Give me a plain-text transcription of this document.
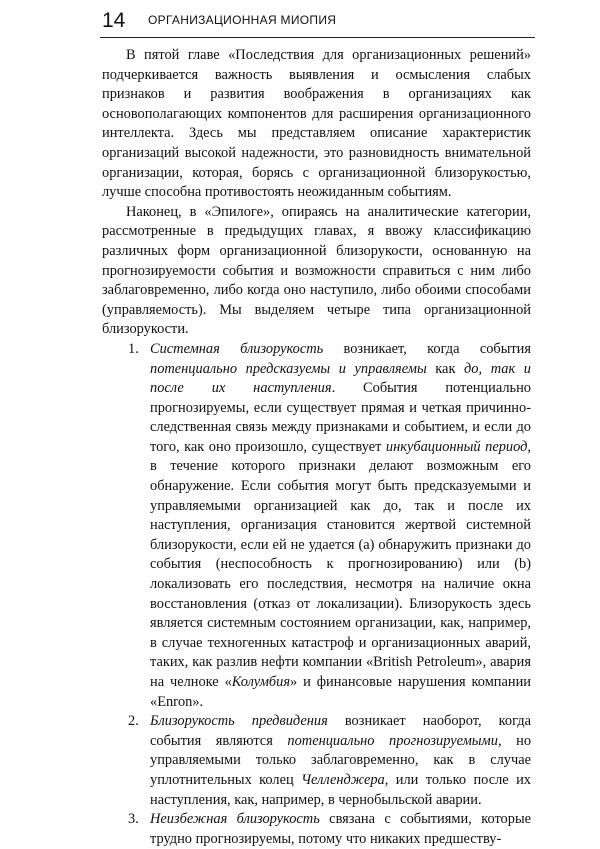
14 ОРГАНИЗАЦИОННАЯ МИОПИЯ

В пятой главе «Последствия для организационных решений» подчеркивается важность выявления и осмысления слабых признаков и развития воображения в организациях как основополагающих компонентов для расширения организационного интеллекта. Здесь мы представляем описание характеристик организаций высокой надежности, это разновидность внимательной организации, которая, борясь с организационной близорукостью, лучше способна противостоять неожиданным событиям.

Наконец, в «Эпилоге», опираясь на аналитические категории, рассмотренные в предыдущих главах, я ввожу классификацию различных форм организационной близорукости, основанную на прогнозируемости события и возможности справиться с ним либо заблаговременно, либо когда оно наступило, либо обоими способами (управляемость). Мы выделяем четыре типа организационной близорукости.

1. Системная близорукость возникает, когда события потенциально предсказуемы и управляемы как до, так и после их наступления. События потенциально прогнозируемы, если существует прямая и четкая причинно-следственная связь между признаками и событием, и если до того, как оно произошло, существует инкубационный период, в течение которого признаки делают возможным его обнаружение. Если события могут быть предсказуемыми и управляемыми организацией как до, так и после их наступления, организация становится жертвой системной близорукости, если ей не удается (а) обнаружить признаки до события (неспособность к прогнозированию) или (b) локализовать его последствия, несмотря на наличие окна восстановления (отказ от локализации). Близорукость здесь является системным состоянием организации, как, например, в случае техногенных катастроф и организационных аварий, таких, как разлив нефти компании «British Petroleum», авария на челноке «Колумбия» и финансовые нарушения компании «Enron».
2. Близорукость предвидения возникает наоборот, когда события являются потенциально прогнозируемыми, но управляемыми только заблаговременно, как в случае уплотнительных колец Челленджера, или только после их наступления, как, например, в чернобыльской аварии.
3. Неизбежная близорукость связана с событиями, которые трудно прогнозируемы, потому что никаких предшеству-
